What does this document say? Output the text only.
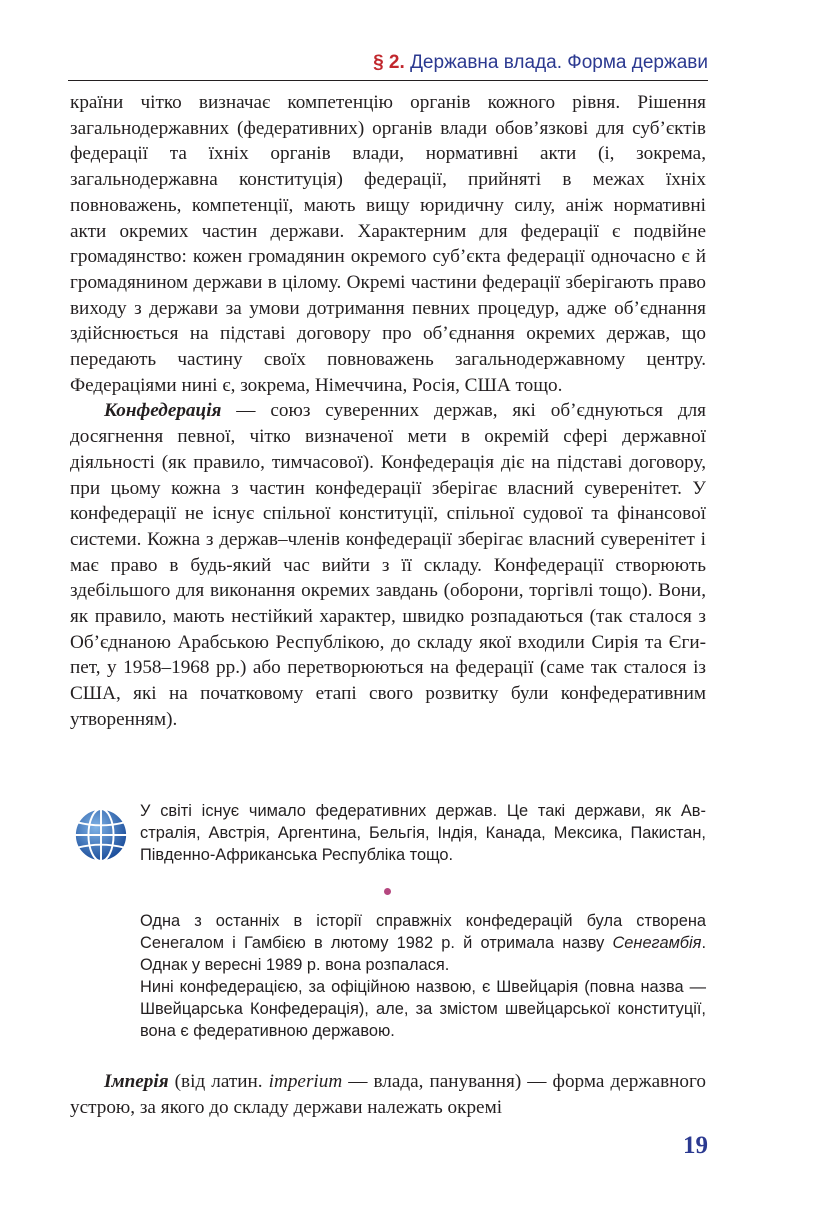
§ 2. Державна влада. Форма держави

країни чітко визначає компетенцію органів кожного рівня. Рішення загальнодержавних (федеративних) органів влади обов’язкові для суб’єктів федерації та їхніх органів влади, нормативні акти (і, зокрема, загальнодержавна конституція) федерації, прийняті в межах їхніх повноважень, компетенції, мають вищу юридичну силу, аніж нормативні акти окремих частин держави. Характерним для федерації є подвійне громадянство: кожен громадянин окремого суб’єкта федерації одночасно є й громадянином держави в цілому. Окремі частини федерації зберігають право виходу з держави за умови дотримання певних процедур, адже об’єднання здійснюється на підставі договору про об’єднання окремих держав, що передають частину своїх повноважень загальнодержавному центру. Федераціями нині є, зокрема, Німеччина, Росія, США тощо.

Конфедерація — союз суверенних держав, які об’єднуються для досягнення певної, чітко визначеної мети в окремій сфері державної діяльності (як правило, тимчасової). Конфедерація діє на підставі договору, при цьому кожна з частин конфедерації зберігає власний суверенітет. У конфедерації не існує спільної конституції, спільної судової та фінансової системи. Кожна з держав–членів конфедерації зберігає власний суверенітет і має право в будь-який час вийти з її складу. Конфедерації створюють здебільшого для виконання окремих завдань (оборони, торгівлі тощо). Вони, як правило, мають нестійкий характер, швидко розпадаються (так сталося з Об’єднаною Арабською Республікою, до складу якої входили Сирія та Єгипет, у 1958–1968 рр.) або перетворюються на федерації (саме так сталося із США, які на початковому етапі свого розвитку були конфедеративним утворенням).

У світі існує чимало федеративних держав. Це такі держави, як Австралія, Австрія, Аргентина, Бельгія, Індія, Канада, Мексика, Пакистан, Південно-Африканська Республіка тощо.

Одна з останніх в історії справжніх конфедерацій була створена Сенегалом і Гамбією в лютому 1982 р. й отримала назву Сенегамбія. Однак у вересні 1989 р. вона розпалася.

Нині конфедерацією, за офіційною назвою, є Швейцарія (повна назва — Швейцарська Конфедерація), але, за змістом швейцарської конституції, вона є федеративною державою.

Імперія (від латин. imperium — влада, панування) — форма державного устрою, за якого до складу держави належать окремі

19
